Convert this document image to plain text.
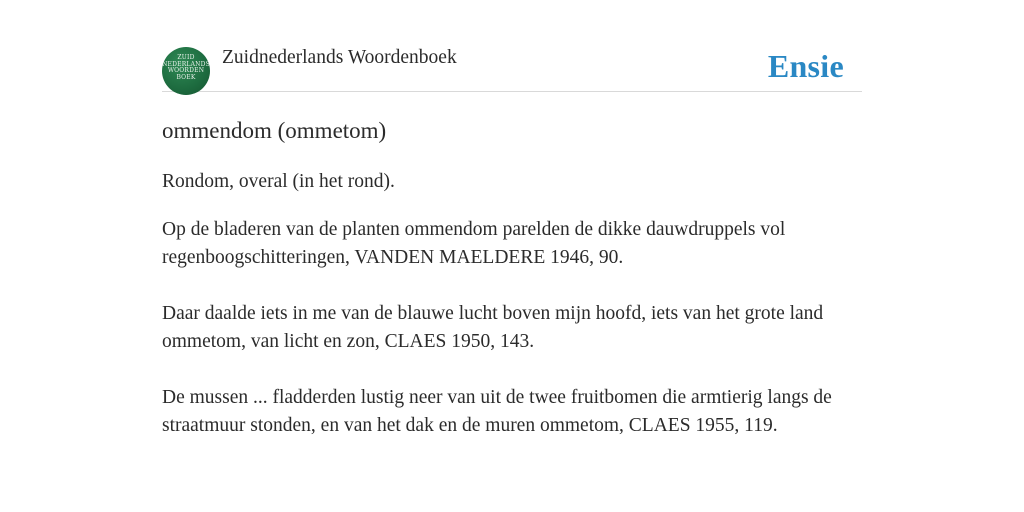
ZUID
NEDERLANDS
WOORDEN
BOEK
Zuidnederlands Woordenboek	Ensie
ommendom (ommetom)

Rondom, overal (in het rond).

Op de bladeren van de planten ommendom parelden de dikke dauwdruppels vol regenboogschitteringen, VANDEN MAELDERE 1946, 90.
Daar daalde iets in me van de blauwe lucht boven mijn hoofd, iets van het grote land ommetom, van licht en zon, CLAES 1950, 143.
De mussen ... fladderden lustig neer van uit de twee fruitbomen die armtierig langs de straatmuur stonden, en van het dak en de muren ommetom, CLAES 1955, 119.
